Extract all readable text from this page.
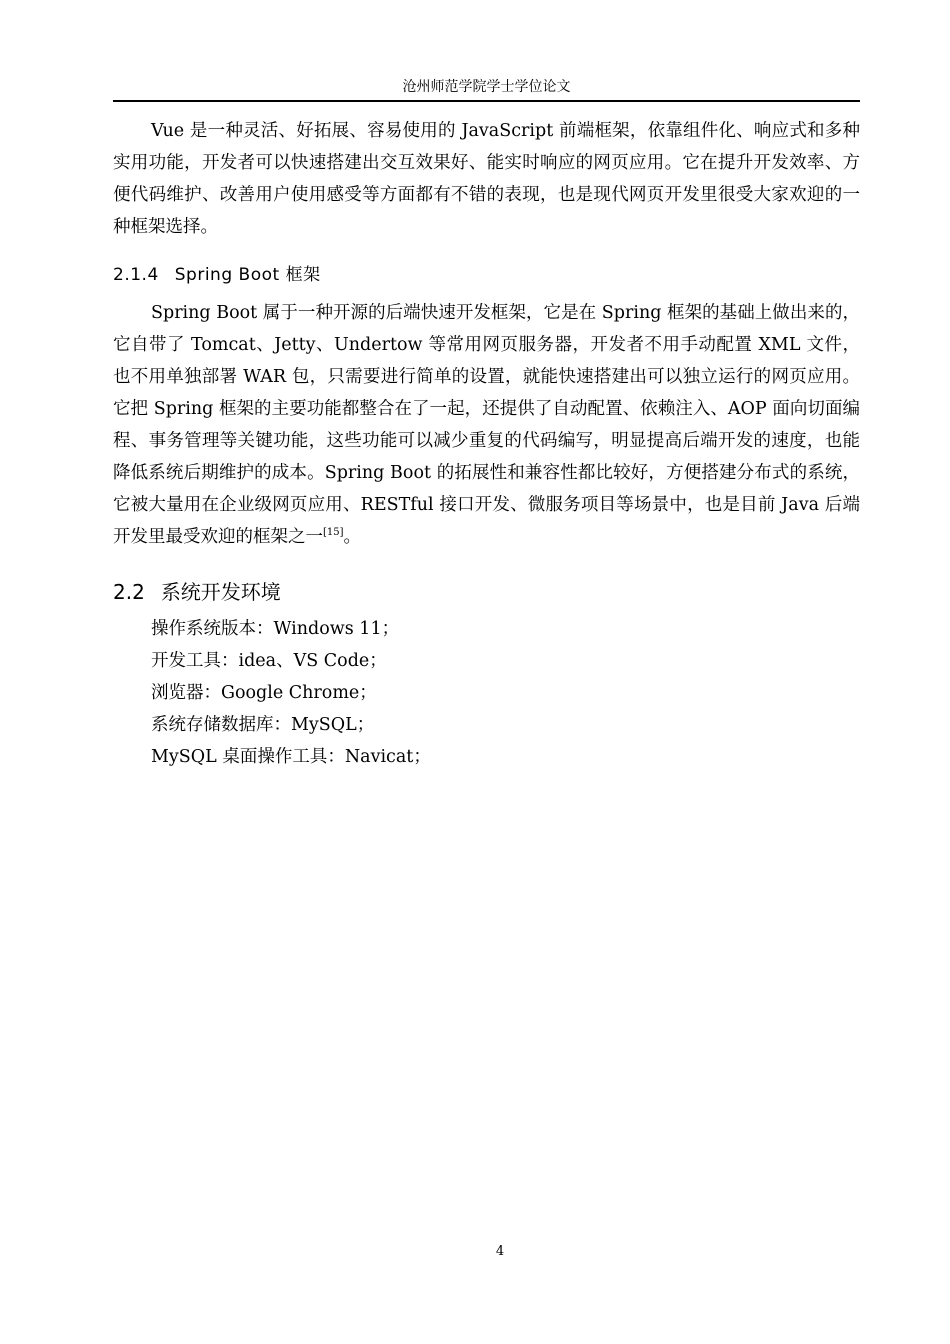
沧州师范学院学士学位论文

Vue 是一种灵活、好拓展、容易使用的 JavaScript 前端框架，依靠组件化、响应式和多种实用功能，开发者可以快速搭建出交互效果好、能实时响应的网页应用。它在提升开发效率、方便代码维护、改善用户使用感受等方面都有不错的表现，也是现代网页开发里很受大家欢迎的一种框架选择。

2.1.4 Spring Boot 框架

Spring Boot 属于一种开源的后端快速开发框架，它是在 Spring 框架的基础上做出来的，它自带了 Tomcat、Jetty、Undertow 等常用网页服务器，开发者不用手动配置 XML 文件，也不用单独部署 WAR 包，只需要进行简单的设置，就能快速搭建出可以独立运行的网页应用。它把 Spring 框架的主要功能都整合在了一起，还提供了自动配置、依赖注入、AOP 面向切面编程、事务管理等关键功能，这些功能可以减少重复的代码编写，明显提高后端开发的速度，也能降低系统后期维护的成本。Spring Boot 的拓展性和兼容性都比较好，方便搭建分布式的系统，它被大量用在企业级网页应用、RESTful 接口开发、微服务项目等场景中，也是目前 Java 后端开发里最受欢迎的框架之一[15]。

2.2 系统开发环境
操作系统版本：Windows 11；
开发工具：idea、VS Code；
浏览器：Google Chrome；
系统存储数据库：MySQL；
MySQL 桌面操作工具：Navicat；
4
